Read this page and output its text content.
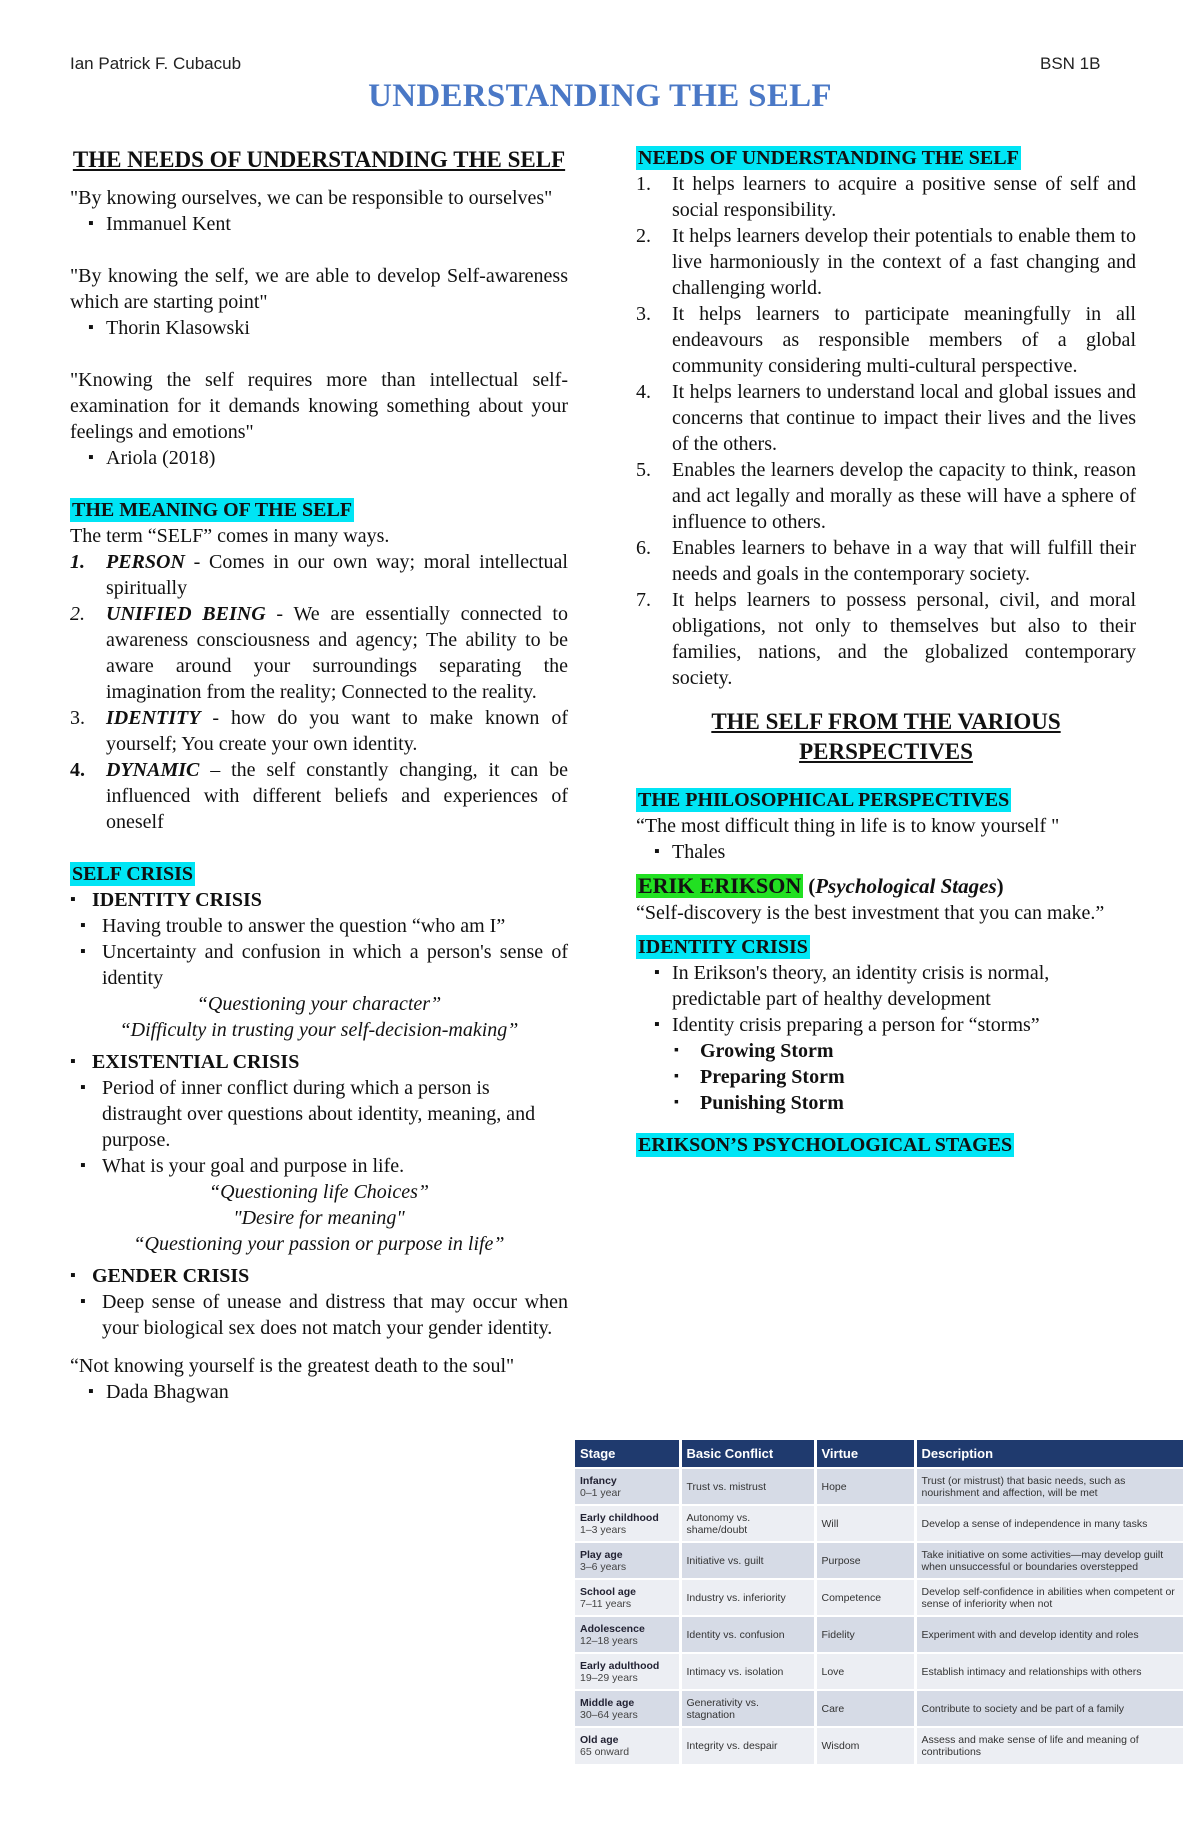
Ian Patrick F. Cubacub	BSN 1B
UNDERSTANDING THE SELF
THE NEEDS OF UNDERSTANDING THE SELF
"By knowing ourselves, we can be responsible to ourselves"
▪ Immanuel Kent
"By knowing the self, we are able to develop Self-awareness which are starting point"
▪ Thorin Klasowski
"Knowing the self requires more than intellectual self-examination for it demands knowing something about your feelings and emotions"
▪ Ariola (2018)
THE MEANING OF THE SELF
The term “SELF” comes in many ways.
1. PERSON - Comes in our own way; moral intellectual spiritually
2. UNIFIED BEING - We are essentially connected to awareness consciousness and agency; The ability to be aware around your surroundings separating the imagination from the reality; Connected to the reality.
3. IDENTITY - how do you want to make known of yourself; You create your own identity.
4. DYNAMIC – the self constantly changing, it can be influenced with different beliefs and experiences of oneself
SELF CRISIS
▪ IDENTITY CRISIS
▪ Having trouble to answer the question “who am I”
▪ Uncertainty and confusion in which a person's sense of identity
“Questioning your character”
“Difficulty in trusting your self-decision-making”
▪ EXISTENTIAL CRISIS
▪ Period of inner conflict during which a person is distraught over questions about identity, meaning, and purpose.
▪ What is your goal and purpose in life.
“Questioning life Choices”
"Desire for meaning"
“Questioning your passion or purpose in life”
▪ GENDER CRISIS
▪ Deep sense of unease and distress that may occur when your biological sex does not match your gender identity.
“Not knowing yourself is the greatest death to the soul"
▪ Dada Bhagwan
NEEDS OF UNDERSTANDING THE SELF
1. It helps learners to acquire a positive sense of self and social responsibility.
2. It helps learners develop their potentials to enable them to live harmoniously in the context of a fast changing and challenging world.
3. It helps learners to participate meaningfully in all endeavours as responsible members of a global community considering multi-cultural perspective.
4. It helps learners to understand local and global issues and concerns that continue to impact their lives and the lives of the others.
5. Enables the learners develop the capacity to think, reason and act legally and morally as these will have a sphere of influence to others.
6. Enables learners to behave in a way that will fulfill their needs and goals in the contemporary society.
7. It helps learners to possess personal, civil, and moral obligations, not only to themselves but also to their families, nations, and the globalized contemporary society.
THE SELF FROM THE VARIOUS PERSPECTIVES
THE PHILOSOPHICAL PERSPECTIVES
“The most difficult thing in life is to know yourself "
▪ Thales
ERIK ERIKSON (Psychological Stages)
“Self-discovery is the best investment that you can make.”
IDENTITY CRISIS
▪ In Erikson's theory, an identity crisis is normal, predictable part of healthy development
▪ Identity crisis preparing a person for “storms”
▪ Growing Storm
▪ Preparing Storm
▪ Punishing Storm
ERIKSON’S PSYCHOLOGICAL STAGES
Stage	Basic Conflict	Virtue	Description

Infancy
0–1 year	Trust vs. mistrust	Hope	Trust (or mistrust) that basic needs, such as nourishment and affection, will be met

Early childhood
1–3 years	Autonomy vs. shame/doubt	Will	Develop a sense of independence in many tasks

Play age
3–6 years	Initiative vs. guilt	Purpose	Take initiative on some activities—may develop guilt when unsuccessful or boundaries overstepped

School age
7–11 years	Industry vs. inferiority	Competence	Develop self-confidence in abilities when competent or sense of inferiority when not

Adolescence
12–18 years	Identity vs. confusion	Fidelity	Experiment with and develop identity and roles

Early adulthood
19–29 years	Intimacy vs. isolation	Love	Establish intimacy and relationships with others

Middle age
30–64 years	Generativity vs. stagnation	Care	Contribute to society and be part of a family

Old age
65 onward	Integrity vs. despair	Wisdom	Assess and make sense of life and meaning of contributions
